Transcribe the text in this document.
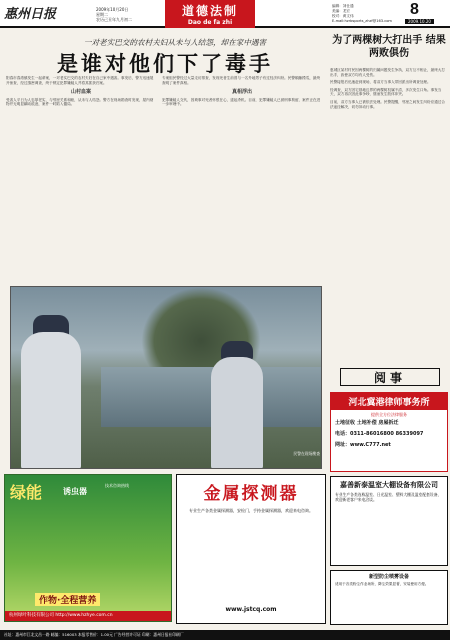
惠州日报	2009年10月20日
星期二
农历己丑年九月初二
道德法制
Dao de fa zhi
编辑：刘仕通
美编：龙宏
校对：黄文伟
E-mail:hzrbsports_zhzf@163.com
8
2009.10.20
一对老实巴交的农村夫妇从未与人结怨，却在家中遇害
是谁对他们下了毒手

阳春市春湾镇发生一起命案，一对老实巴交的农村夫妇在自己家中遇害。事发后，警方迅速展开侦查，经过缜密调查，终于锁定犯罪嫌疑人并将其抓获归案。

山村血案

受害人平日为人忠厚老实，与邻里关系和睦，从未与人结怨。警方在现场勘查时发现，屋内财物并无明显翻动痕迹，案件一时陷入僵局。

专案组民警经过大量走访排查，发现死者生前曾与一名外地男子有过经济纠纷。民警顺藤摸瓜，最终查明了案件真相。

真相浮出

犯罪嫌疑人交代，因琐事对死者怀恨在心，遂起杀机。目前，犯罪嫌疑人已被刑事拘留，案件正在进一步审理中。

民警在现场勘查
为了两棵树大打出手 结果两败俱伤

惠城区某村村民因两棵树的归属问题发生争执，双方互不相让，最终大打出手，致使双方均有人受伤。

民警接报后迅速赶到现场，将双方当事人带回派出所调查处理。

经调查，双方因宅基地边界的两棵树权属不清，多次发生口角。事发当天，双方再次因此事争吵，继而发生肢体冲突。

目前，双方当事人已被依法处理。民警提醒，邻里之间发生纠纷应通过合法途径解决，切勿冲动行事。

阅事
河北冀港律师事务所
提供全方位法律服务
土地征收 土地补偿 房屋拆迁
电话：0311-86016800 86339097
网址：www.C777.net
绿能	诱虫器
技术咨询热线
作物·全程营养
杭州绿叶科技有限公司 http://www.hzhye.com.cn
金属探测器
专业生产各类金属探测器，安检门，手持金属探测器，欢迎来电咨询。
www.jstcq.com
嘉善新泰温室大棚设备有限公司
专业生产各类连栋温室、日光温室、塑料大棚及温室配套设备，欢迎新老客户来电洽谈。
新型防尘喷雾设备
适用于各类粉尘作业场所，降尘效果显著，安装使用方便。
社址：惠州市江北文昌一路 邮编：516003 本报零售价：1.00元 广告经营许可证 印刷：惠州日报社印刷厂
